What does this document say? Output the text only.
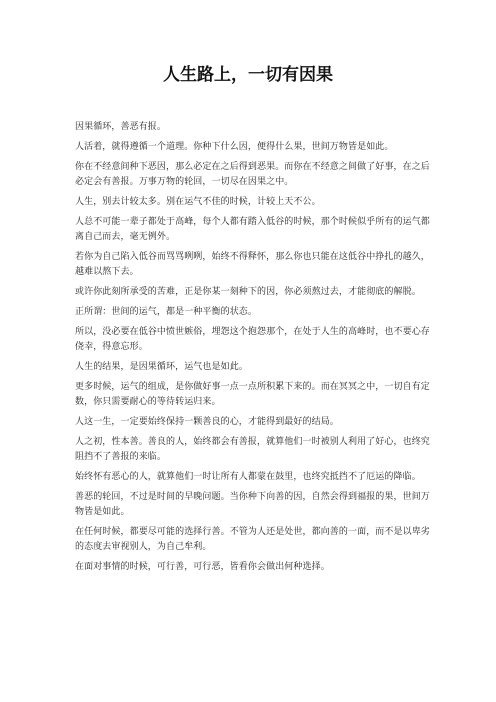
人生路上，一切有因果

因果循环，善恶有报。

人活着，就得遵循一个道理。你种下什么因，便得什么果，世间万物皆是如此。

你在不经意间种下恶因，那么必定在之后得到恶果。而你在不经意之间做了好事，在之后必定会有善报。万事万物的轮回，一切尽在因果之中。

人生，别去计较太多。别在运气不佳的时候，计较上天不公。

人总不可能一辈子都处于高峰，每个人都有踏入低谷的时候，那个时候似乎所有的运气都离自己而去，毫无例外。

若你为自己陷入低谷而骂骂咧咧，始终不得释怀，那么你也只能在这低谷中挣扎的越久，越难以熬下去。

或许你此刻所承受的苦难，正是你某一刻种下的因，你必须熬过去，才能彻底的解脱。

正所谓：世间的运气，都是一种平衡的状态。

所以，没必要在低谷中愤世嫉俗，埋怨这个抱怨那个，在处于人生的高峰时，也不要心存侥幸，得意忘形。

人生的结果，是因果循环，运气也是如此。

更多时候，运气的组成，是你做好事一点一点所积累下来的。而在冥冥之中，一切自有定数，你只需要耐心的等待转运归来。

人这一生，一定要始终保持一颗善良的心，才能得到最好的结局。

人之初，性本善。善良的人，始终都会有善报，就算他们一时被别人利用了好心，也终究阻挡不了善报的来临。

始终怀有恶心的人，就算他们一时让所有人都蒙在鼓里，也终究抵挡不了厄运的降临。

善恶的轮回，不过是时间的早晚问题。当你种下向善的因，自然会得到福报的果，世间万物皆是如此。

在任何时候，都要尽可能的选择行善。不管为人还是处世，都向善的一面，而不是以卑劣的态度去审视别人，为自己牟利。

在面对事情的时候，可行善，可行恶，皆看你会做出何种选择。
